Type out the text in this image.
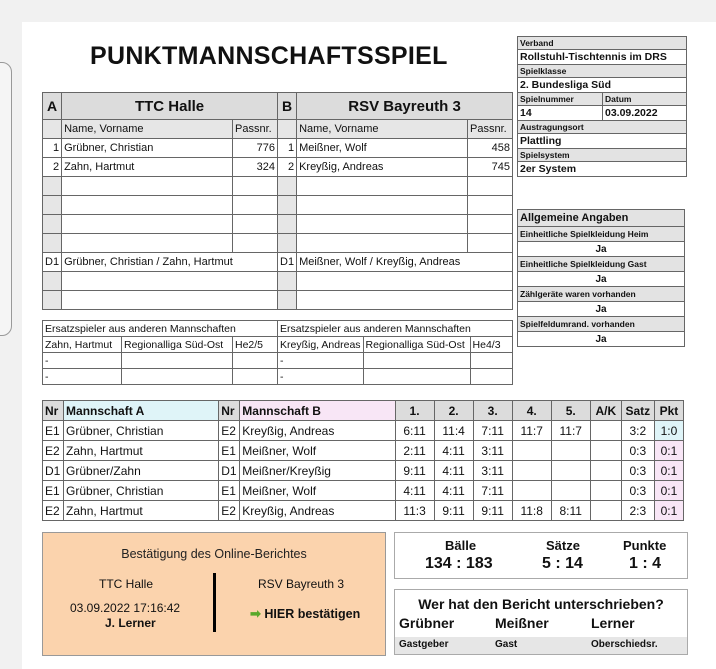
PUNKTMANNSCHAFTSSPIEL	Verband	
Rollstuhl-Tischtennis im DRS	
Spielklasse	
2. Bundesliga Süd	
Spielnummer	Datum
14	03.09.2022
Austragungsort	
Plattling	
Spielsystem	
2er System	
Allgemeine Angaben
Einheitliche Spielkleidung Heim
Ja
Einheitliche Spielkleidung Gast
Ja
Zählgeräte waren vorhanden
Ja
Spielfeldumrand. vorhanden
Ja
A	TTC Halle	
	Name, Vorname	Passnr.
1	Grübner, Christian	776
2	Zahn, Hartmut	324

D1	Grübner, Christian / Zahn, Hartmut	

B	RSV Bayreuth 3	
	Name, Vorname	Passnr.
1	Meißner, Wolf	458
2	Kreyßig, Andreas	745

D1	Meißner, Wolf / Kreyßig, Andreas	

Ersatzspieler aus anderen Mannschaften		
Zahn, Hartmut	Regionalliga Süd-Ost	He2/5
-		
-		
Ersatzspieler aus anderen Mannschaften		
Kreyßig, Andreas	Regionalliga Süd-Ost	He4/3
-		
-		
Nr	Mannschaft A	Nr	Mannschaft B	1.	2.	3.	4.	5.	A/K	Satz	Pkt
E1	Grübner, Christian	E2	Kreyßig, Andreas	6:11	11:4	7:11	11:7	11:7		3:2	1:0
E2	Zahn, Hartmut	E1	Meißner, Wolf	2:11	4:11	3:11				0:3	0:1
D1	Grübner/Zahn	D1	Meißner/Kreyßig	9:11	4:11	3:11				0:3	0:1
E1	Grübner, Christian	E1	Meißner, Wolf	4:11	4:11	7:11				0:3	0:1
E2	Zahn, Hartmut	E2	Kreyßig, Andreas	11:3	9:11	9:11	11:8	8:11		2:3	0:1
Bestätigung des Online-Berichtes
TTC Halle
03.09.2022 17:16:42
J. Lerner
RSV Bayreuth 3
➡ HIER bestätigen
Bälle	Sätze	Punkte
134 : 183	5 : 14	1 : 4
Wer hat den Bericht unterschrieben?
Grübner	Meißner	Lerner
Gastgeber	Gast	Oberschiedsr.
